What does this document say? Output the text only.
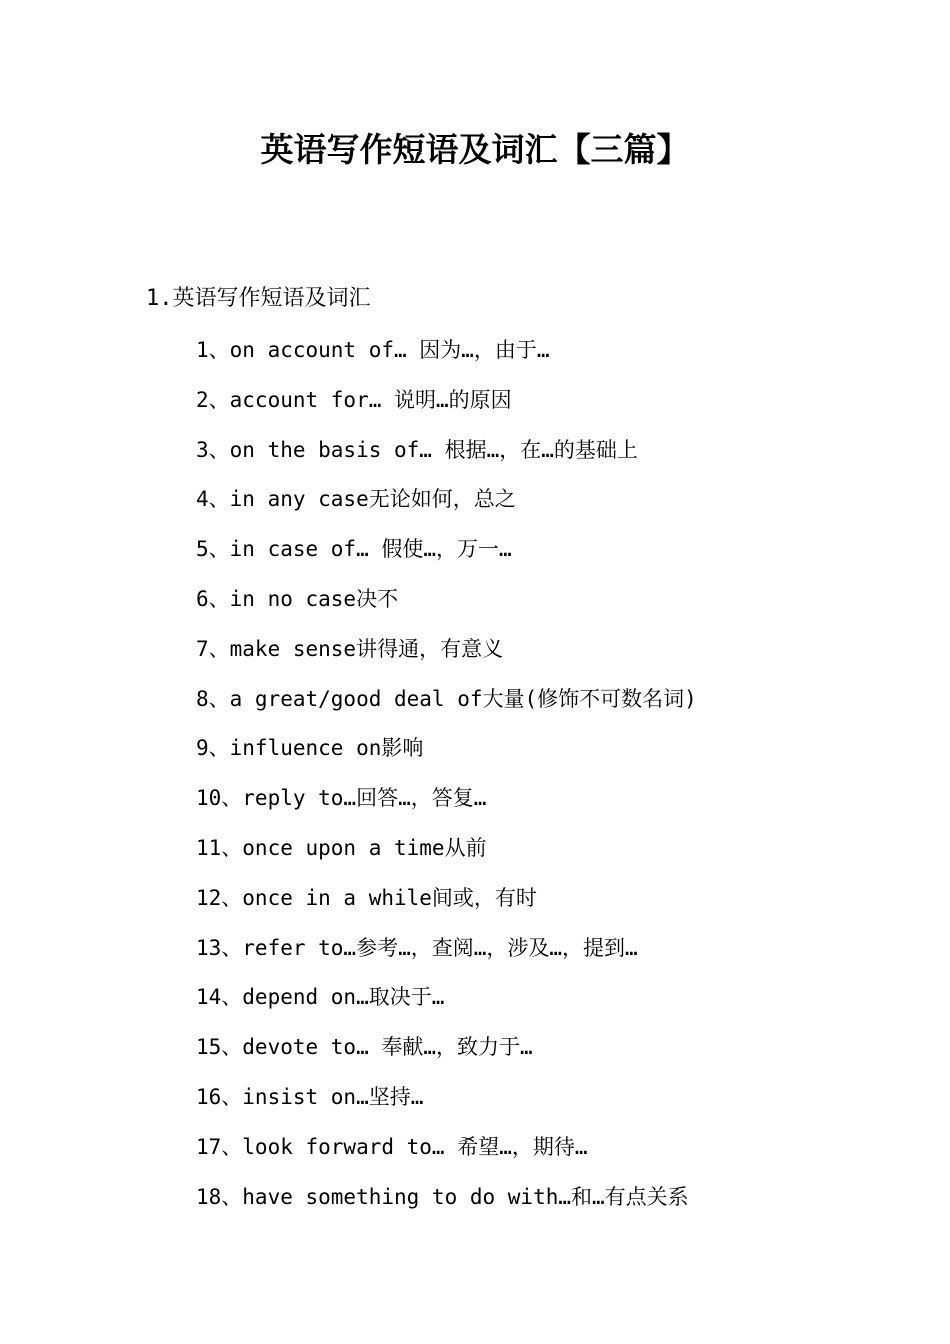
英语写作短语及词汇【三篇】
1.英语写作短语及词汇
1、on account of… 因为…，由于…
2、account for… 说明…的原因
3、on the basis of… 根据…，在…的基础上
4、in any case无论如何，总之
5、in case of… 假使…，万一…
6、in no case决不
7、make sense讲得通，有意义
8、a great/good deal of大量(修饰不可数名词)
9、influence on影响
10、reply to…回答…，答复…
11、once upon a time从前
12、once in a while间或，有时
13、refer to…参考…，查阅…，涉及…，提到…
14、depend on…取决于…
15、devote to… 奉献…，致力于…
16、insist on…坚持…
17、look forward to… 希望…，期待…
18、have something to do with…和…有点关系
